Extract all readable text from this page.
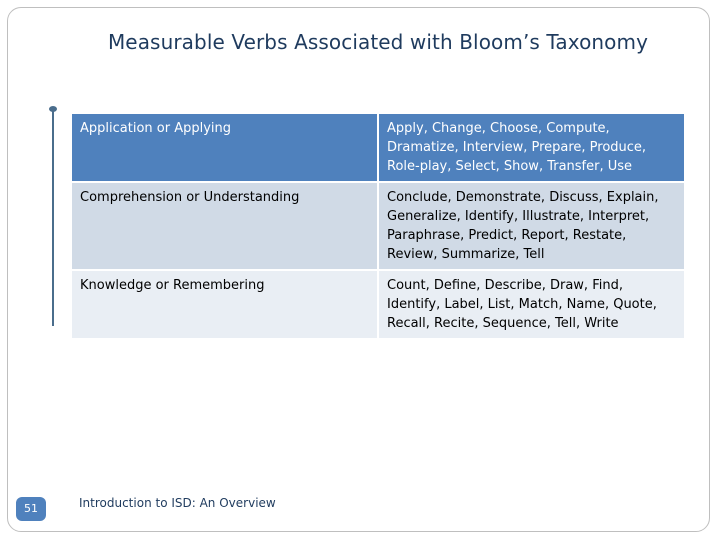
Measurable Verbs Associated with Bloom’s Taxonomy
Application or Applying	Apply, Change, Choose, Compute, Dramatize, Interview, Prepare, Produce, Role-play, Select, Show, Transfer, Use
Comprehension or Understanding	Conclude, Demonstrate, Discuss, Explain, Generalize, Identify, Illustrate, Interpret, Paraphrase, Predict, Report, Restate, Review, Summarize, Tell
Knowledge or Remembering	Count, Define, Describe, Draw, Find, Identify, Label, List, Match, Name, Quote, Recall, Recite, Sequence, Tell, Write
51	Introduction to ISD: An Overview
